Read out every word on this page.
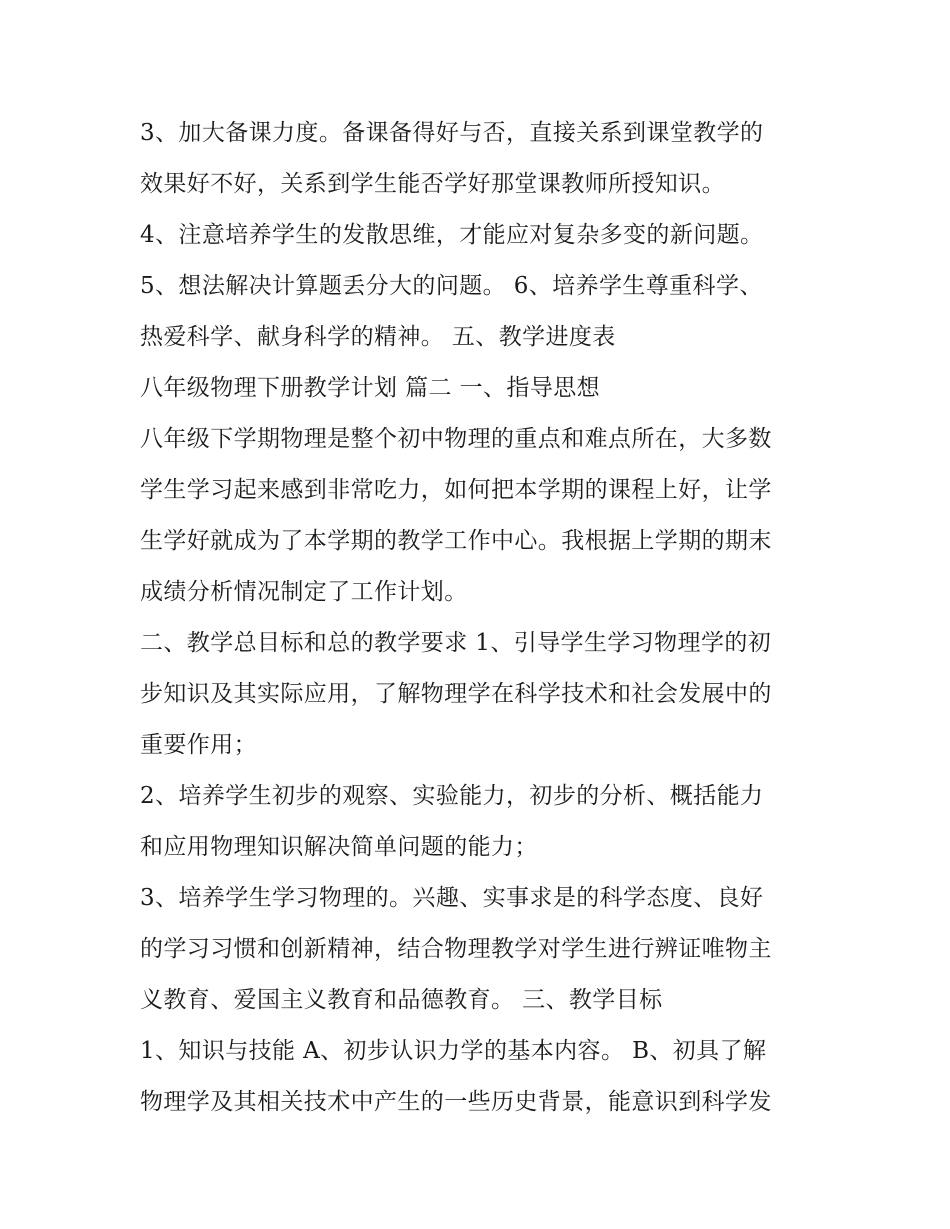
3、加大备课力度。备课备得好与否，直接关系到课堂教学的
效果好不好，关系到学生能否学好那堂课教师所授知识。
4、注意培养学生的发散思维，才能应对复杂多变的新问题。
5、想法解决计算题丢分大的问题。 6、培养学生尊重科学、
热爱科学、献身科学的精神。 五、教学进度表
八年级物理下册教学计划 篇二 一、指导思想
八年级下学期物理是整个初中物理的重点和难点所在，大多数
学生学习起来感到非常吃力，如何把本学期的课程上好，让学
生学好就成为了本学期的教学工作中心。我根据上学期的期末
成绩分析情况制定了工作计划。
二、教学总目标和总的教学要求 1、引导学生学习物理学的初
步知识及其实际应用，了解物理学在科学技术和社会发展中的
重要作用；
2、培养学生初步的观察、实验能力，初步的分析、概括能力
和应用物理知识解决简单问题的能力；
3、培养学生学习物理的。兴趣、实事求是的科学态度、良好
的学习习惯和创新精神，结合物理教学对学生进行辨证唯物主
义教育、爱国主义教育和品德教育。 三、教学目标
1、知识与技能 A、初步认识力学的基本内容。 B、初具了解
物理学及其相关技术中产生的一些历史背景，能意识到科学发
